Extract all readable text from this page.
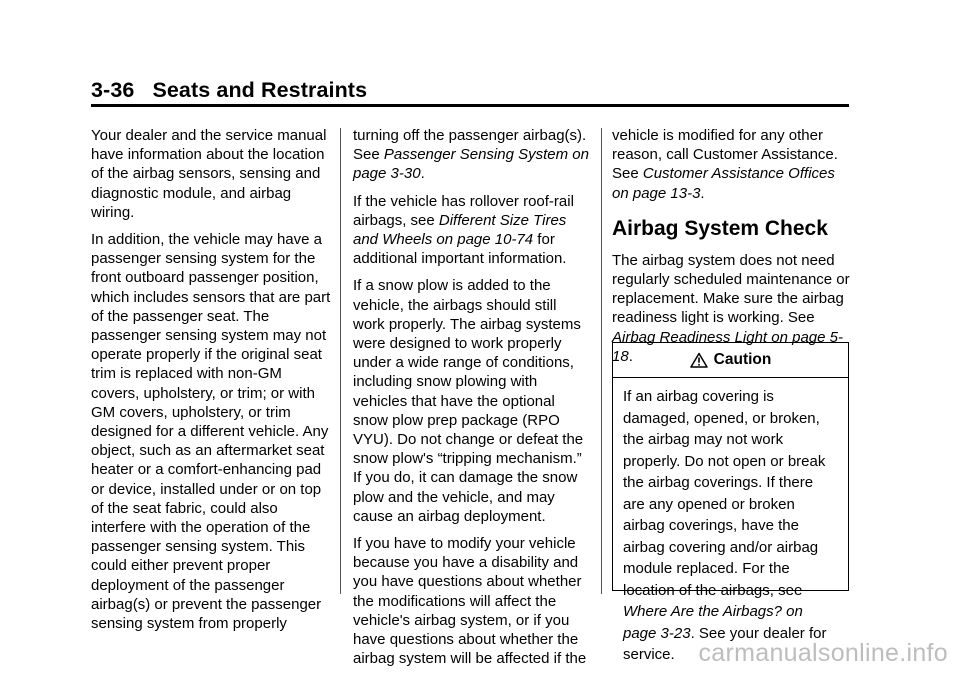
3-36 Seats and Restraints

Your dealer and the service manual have information about the location of the airbag sensors, sensing and diagnostic module, and airbag wiring.

In addition, the vehicle may have a passenger sensing system for the front outboard passenger position, which includes sensors that are part of the passenger seat. The passenger sensing system may not operate properly if the original seat trim is replaced with non-GM covers, upholstery, or trim; or with GM covers, upholstery, or trim designed for a different vehicle. Any object, such as an aftermarket seat heater or a comfort-enhancing pad or device, installed under or on top of the seat fabric, could also interfere with the operation of the passenger sensing system. This could either prevent proper deployment of the passenger airbag(s) or prevent the passenger sensing system from properly

turning off the passenger airbag(s). See Passenger Sensing System on page 3-30.

If the vehicle has rollover roof-rail airbags, see Different Size Tires and Wheels on page 10-74 for additional important information.

If a snow plow is added to the vehicle, the airbags should still work properly. The airbag systems were designed to work properly under a wide range of conditions, including snow plowing with vehicles that have the optional snow plow prep package (RPO VYU). Do not change or defeat the snow plow's “tripping mechanism.” If you do, it can damage the snow plow and the vehicle, and may cause an airbag deployment.

If you have to modify your vehicle because you have a disability and you have questions about whether the modifications will affect the vehicle's airbag system, or if you have questions about whether the airbag system will be affected if the

vehicle is modified for any other reason, call Customer Assistance. See Customer Assistance Offices on page 13-3.

Airbag System Check

The airbag system does not need regularly scheduled maintenance or replacement. Make sure the airbag readiness light is working. See Airbag Readiness Light on page 5-18.	Caution
If an airbag covering is damaged, opened, or broken, the airbag may not work properly. Do not open or break the airbag coverings. If there are any opened or broken airbag coverings, have the airbag covering and/or airbag module replaced. For the location of the airbags, see Where Are the Airbags? on page 3-23. See your dealer for service. carmanualsonline.info
